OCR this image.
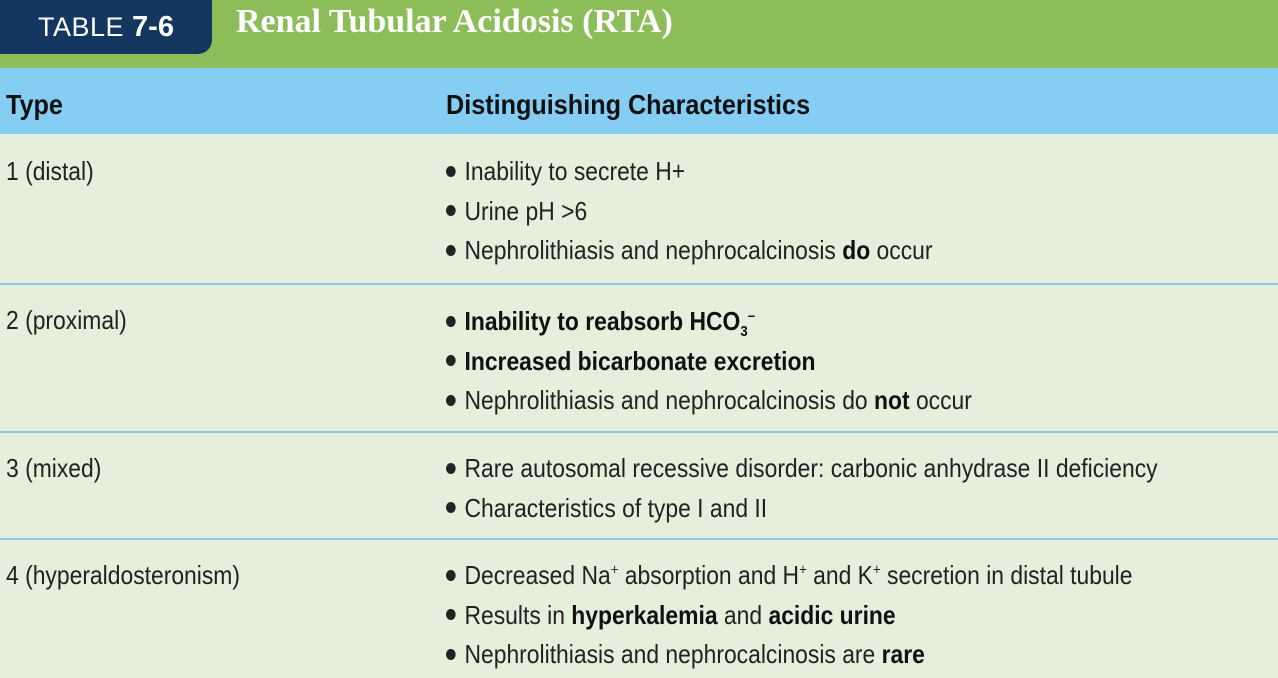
TABLE 7-6 Renal Tubular Acidosis (RTA)
Type	Distinguishing Characteristics
1 (distal)	Inability to secrete H+
Urine pH >6
Nephrolithiasis and nephrocalcinosis do occur
2 (proximal)	Inability to reabsorb $HCO_3^-$
Increased bicarbonate excretion
Nephrolithiasis and nephrocalcinosis do not occur
3 (mixed)	Rare autosomal recessive disorder: carbonic anhydrase II deficiency
Characteristics of type I and II
4 (hyperaldosteronism)	Decreased Na+ absorption and H+ and K+ secretion in distal tubule
Results in hyperkalemia and acidic urine
Nephrolithiasis and nephrocalcinosis are rare
